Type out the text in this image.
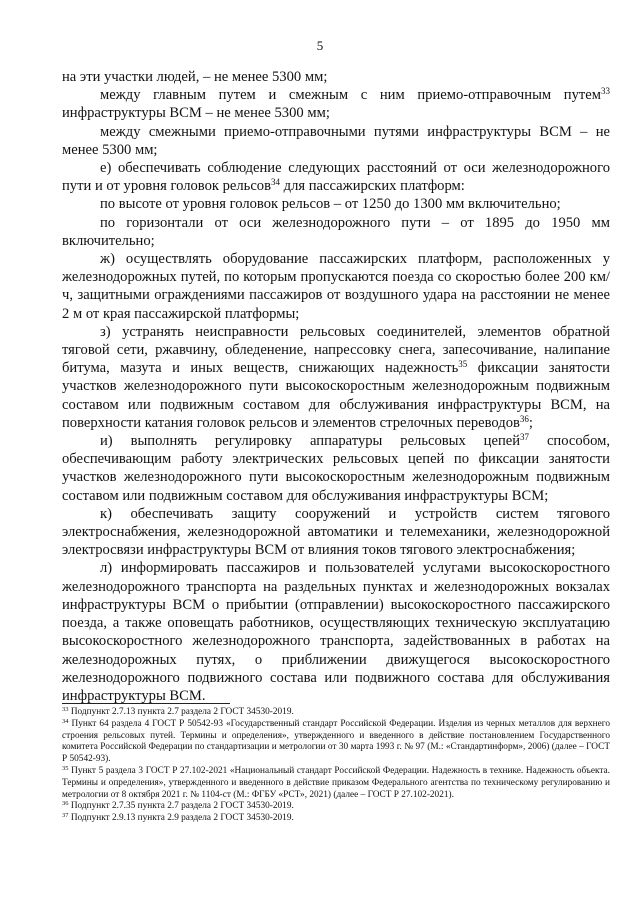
5

на эти участки людей, – не менее 5300 мм;

между главным путем и смежным с ним приемо-отправочным путем$^{33}$ инфраструктуры ВСМ – не менее 5300 мм;

между смежными приемо-отправочными путями инфраструктуры ВСМ – не менее 5300 мм;

е) обеспечивать соблюдение следующих расстояний от оси железнодорожного пути и от уровня головок рельсов$^{34}$ для пассажирских платформ:

по высоте от уровня головок рельсов – от 1250 до 1300 мм включительно;

по горизонтали от оси железнодорожного пути – от 1895 до 1950 мм включительно;

ж) осуществлять оборудование пассажирских платформ, расположенных у железнодорожных путей, по которым пропускаются поезда со скоростью более 200 км/ч, защитными ограждениями пассажиров от воздушного удара на расстоянии не менее 2 м от края пассажирской платформы;

з) устранять неисправности рельсовых соединителей, элементов обратной тяговой сети, ржавчину, обледенение, напрессовку снега, запесочивание, налипание битума, мазута и иных веществ, снижающих надежность$^{35}$ фиксации занятости участков железнодорожного пути высокоскоростным железнодорожным подвижным составом или подвижным составом для обслуживания инфраструктуры ВСМ, на поверхности катания головок рельсов и элементов стрелочных переводов$^{36}$;

и) выполнять регулировку аппаратуры рельсовых цепей$^{37}$ способом, обеспечивающим работу электрических рельсовых цепей по фиксации занятости участков железнодорожного пути высокоскоростным железнодорожным подвижным составом или подвижным составом для обслуживания инфраструктуры ВСМ;

к) обеспечивать защиту сооружений и устройств систем тягового электроснабжения, железнодорожной автоматики и телемеханики, железнодорожной электросвязи инфраструктуры ВСМ от влияния токов тягового электроснабжения;

л) информировать пассажиров и пользователей услугами высокоскоростного железнодорожного транспорта на раздельных пунктах и железнодорожных вокзалах инфраструктуры ВСМ о прибытии (отправлении) высокоскоростного пассажирского поезда, а также оповещать работников, осуществляющих техническую эксплуатацию высокоскоростного железнодорожного транспорта, задействованных в работах на железнодорожных путях, о приближении движущегося высокоскоростного железнодорожного подвижного состава или подвижного состава для обслуживания инфраструктуры ВСМ.

$^{33}$ Подпункт 2.7.13 пункта 2.7 раздела 2 ГОСТ 34530-2019.

$^{34}$ Пункт 64 раздела 4 ГОСТ Р 50542-93 «Государственный стандарт Российской Федерации. Изделия из черных металлов для верхнего строения рельсовых путей. Термины и определения», утвержденного и введенного в действие постановлением Государственного комитета Российской Федерации по стандартизации и метрологии от 30 марта 1993 г. № 97 (М.: «Стандартинформ», 2006) (далее – ГОСТ Р 50542-93).

$^{35}$ Пункт 5 раздела 3 ГОСТ Р 27.102-2021 «Национальный стандарт Российской Федерации. Надежность в технике. Надежность объекта. Термины и определения», утвержденного и введенного в действие приказом Федерального агентства по техническому регулированию и метрологии от 8 октября 2021 г. № 1104-ст (М.: ФГБУ «РСТ», 2021) (далее – ГОСТ Р 27.102-2021).

$^{36}$ Подпункт 2.7.35 пункта 2.7 раздела 2 ГОСТ 34530-2019.

$^{37}$ Подпункт 2.9.13 пункта 2.9 раздела 2 ГОСТ 34530-2019.
